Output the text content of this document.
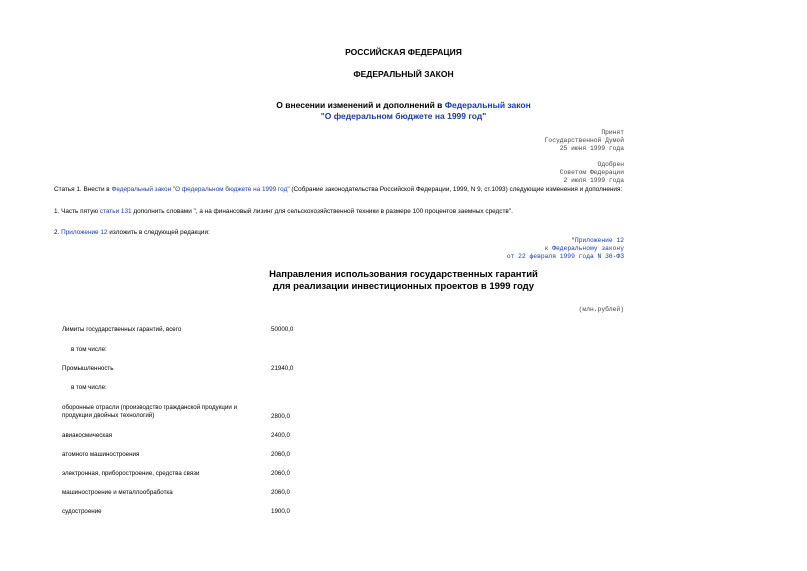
РОССИЙСКАЯ ФЕДЕРАЦИЯ
ФЕДЕРАЛЬНЫЙ ЗАКОН
О внесении изменений и дополнений в Федеральный закон
"О федеральном бюджете на 1999 год"
Принят
Государственной Думой
25 июня 1999 года
Одобрен
Советом Федерации
2 июля 1999 года
Статья 1. Внести в Федеральный закон "О федеральном бюджете на 1999 год" (Собрание законодательства Российской Федерации, 1999, N 9, ст.1093) следующие изменения и дополнения:
1. Часть пятую статьи 131 дополнить словами ", а на финансовый лизинг для сельскохозяйственной техники в размере 100 процентов заемных средств".
2. Приложение 12 изложить в следующей редакции:
"Приложение 12
к Федеральному закону
от 22 февраля 1999 года N 36-ФЗ
Направления использования государственных гарантий
для реализации инвестиционных проектов в 1999 году
(млн.рублей)
Лимиты государственных гарантий, всего	50000,0
в том числе:
Промышленность	21940,0
в том числе:
оборонные отрасли (производство гражданской продукции и
продукции двойных технологий)	2800,0
авиакосмическая	2400,0
атомного машиностроения	2060,0
электронная, приборостроение, средства связи	2060,0
машиностроение и металлообработка	2060,0
судостроение	1900,0
